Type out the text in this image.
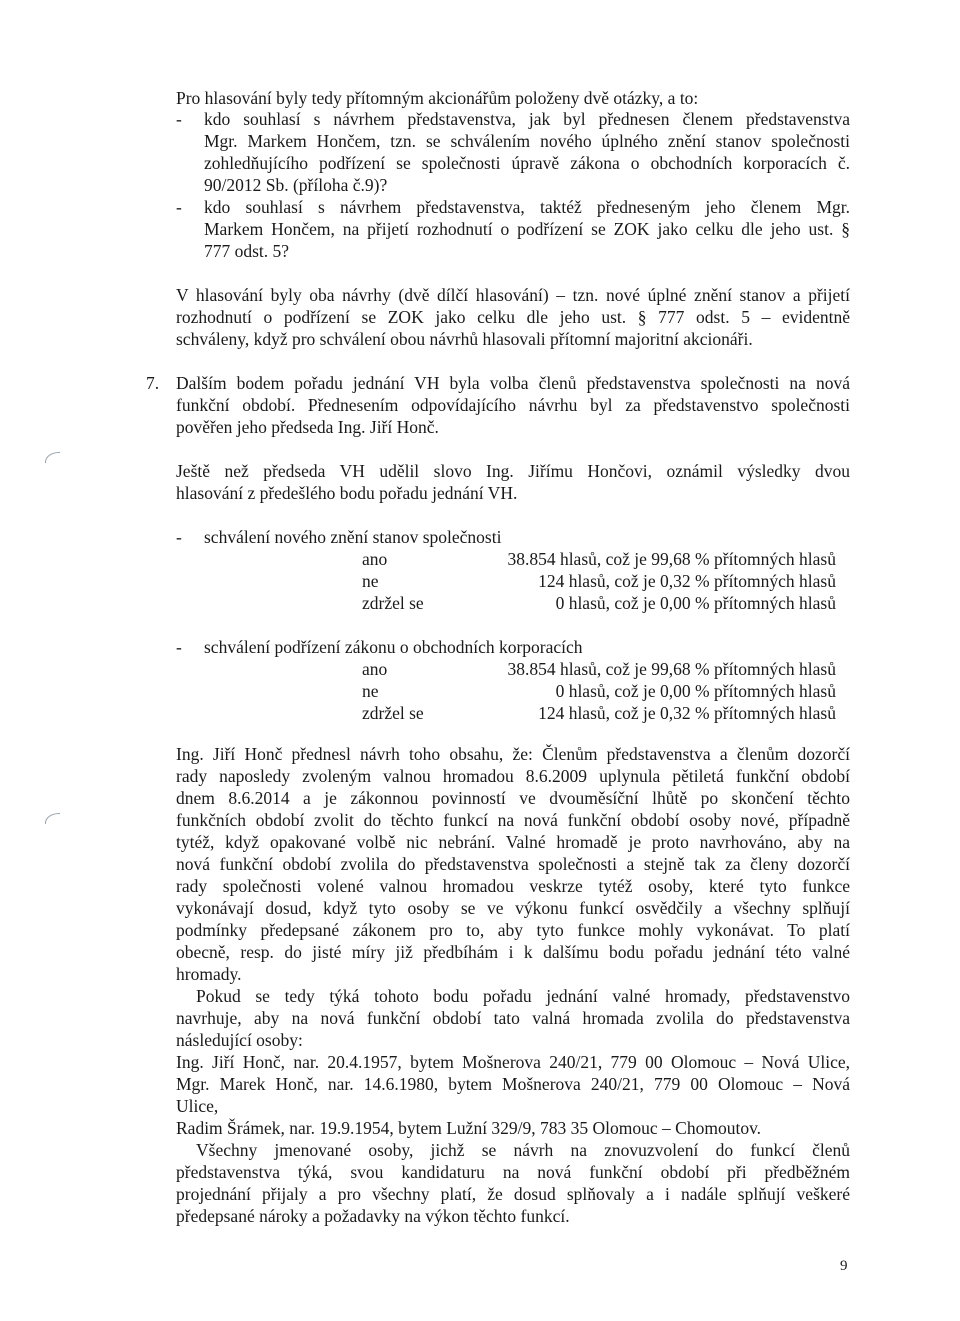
Pro hlasování byly tedy přítomným akcionářům položeny dvě otázky, a to:
- kdo souhlasí s návrhem představenstva, jak byl přednesen členem představenstva
Mgr. Markem Hončem, tzn. se schválením nového úplného znění stanov společnosti
zohledňujícího podřízení se společnosti úpravě zákona o obchodních korporacích č.
90/2012 Sb. (příloha č.9)?
- kdo souhlasí s návrhem představenstva, taktéž předneseným jeho členem Mgr.
Markem Hončem, na přijetí rozhodnutí o podřízení se ZOK jako celku dle jeho ust. §
777 odst. 5?
V hlasování byly oba návrhy (dvě dílčí hlasování) – tzn. nové úplné znění stanov a přijetí
rozhodnutí o podřízení se ZOK jako celku dle jeho ust. § 777 odst. 5 – evidentně
schváleny, když pro schválení obou návrhů hlasovali přítomní majoritní akcionáři.
7. Dalším bodem pořadu jednání VH byla volba členů představenstva společnosti na nová
funkční období. Přednesením odpovídajícího návrhu byl za představenstvo společnosti
pověřen jeho předseda Ing. Jiří Honč.
Ještě než předseda VH udělil slovo Ing. Jiřímu Hončovi, oznámil výsledky dvou
hlasování z předešlého bodu pořadu jednání VH.
- schválení nového znění stanov společnosti
ano	38.854 hlasů, což je 99,68 % přítomných hlasů
ne	124 hlasů, což je 0,32 % přítomných hlasů
zdržel se	0 hlasů, což je 0,00 % přítomných hlasů
- schválení podřízení zákonu o obchodních korporacích
ano	38.854 hlasů, což je 99,68 % přítomných hlasů
ne	0 hlasů, což je 0,00 % přítomných hlasů
zdržel se	124 hlasů, což je 0,32 % přítomných hlasů
Ing. Jiří Honč přednesl návrh toho obsahu, že: Členům představenstva a členům dozorčí
rady naposledy zvoleným valnou hromadou 8.6.2009 uplynula pětiletá funkční období
dnem 8.6.2014 a je zákonnou povinností ve dvouměsíční lhůtě po skončení těchto
funkčních období zvolit do těchto funkcí na nová funkční období osoby nové, případně
tytéž, když opakované volbě nic nebrání. Valné hromadě je proto navrhováno, aby na
nová funkční období zvolila do představenstva společnosti a stejně tak za členy dozorčí
rady společnosti volené valnou hromadou veskrze tytéž osoby, které tyto funkce
vykonávají dosud, když tyto osoby se ve výkonu funkcí osvědčily a všechny splňují
podmínky předepsané zákonem pro to, aby tyto funkce mohly vykonávat. To platí
obecně, resp. do jisté míry již předbíhám i k dalšímu bodu pořadu jednání této valné
hromady.
Pokud se tedy týká tohoto bodu pořadu jednání valné hromady, představenstvo
navrhuje, aby na nová funkční období tato valná hromada zvolila do představenstva
následující osoby:
Ing. Jiří Honč, nar. 20.4.1957, bytem Mošnerova 240/21, 779 00 Olomouc – Nová Ulice,
Mgr. Marek Honč, nar. 14.6.1980, bytem Mošnerova 240/21, 779 00 Olomouc – Nová
Ulice,
Radim Šrámek, nar. 19.9.1954, bytem Lužní 329/9, 783 35 Olomouc – Chomoutov.
Všechny jmenované osoby, jichž se návrh na znovuzvolení do funkcí členů
představenstva týká, svou kandidaturu na nová funkční období při předběžném
projednání přijaly a pro všechny platí, že dosud splňovaly a i nadále splňují veškeré
předepsané nároky a požadavky na výkon těchto funkcí.
9
